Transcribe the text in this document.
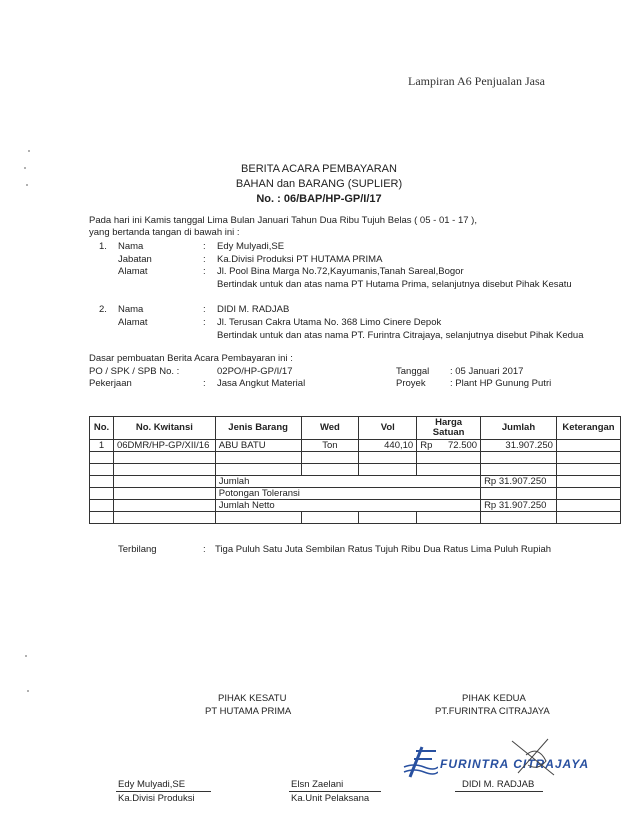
Lampiran A6 Penjualan Jasa
BERITA ACARA PEMBAYARAN
BAHAN dan BARANG (SUPLIER)
No. : 06/BAP/HP-GP/I/17
Pada hari ini Kamis tanggal Lima Bulan Januari Tahun Dua Ribu Tujuh Belas ( 05 - 01 - 17 ),
yang bertanda tangan di bawah ini :
1. Nama	: Edy Mulyadi,SE
Jabatan	: Ka.Divisi Produksi PT HUTAMA PRIMA
Alamat	: Jl. Pool Bina Marga No.72,Kayumanis,Tanah Sareal,Bogor
Bertindak untuk dan atas nama PT Hutama Prima, selanjutnya disebut Pihak Kesatu
2. Nama	: DIDI M. RADJAB
Alamat	: Jl. Terusan Cakra Utama No. 368 Limo Cinere Depok
Bertindak untuk dan atas nama PT. Furintra Citrajaya, selanjutnya disebut Pihak Kedua
Dasar pembuatan Berita Acara Pembayaran ini :
PO / SPK / SPB No. :	02PO/HP-GP/I/17	Tanggal : 05 Januari 2017
Pekerjaan	: Jasa Angkut Material	Proyek	: Plant HP Gunung Putri
No.	No. Kwitansi	Jenis Barang	Wed	Vol	Harga Satuan	Jumlah	Keterangan
1	06DMR/HP-GP/XII/16	ABU BATU	Ton	440,10	Rp 72.500	31.907.250	

		Jumlah				Rp 31.907.250	
		Potongan Toleransi					
		Jumlah Netto				Rp 31.907.250	

Terbilang	: Tiga Puluh Satu Juta Sembilan Ratus Tujuh Ribu Dua Ratus Lima Puluh Rupiah
PIHAK KESATU
PT HUTAMA PRIMA
PIHAK KEDUA
PT.FURINTRA CITRAJAYA
FURINTRA CITRAJAYA
Edy Mulyadi,SE
Ka.Divisi Produksi
Elsn Zaelani
Ka.Unit Pelaksana
DIDI M. RADJAB
